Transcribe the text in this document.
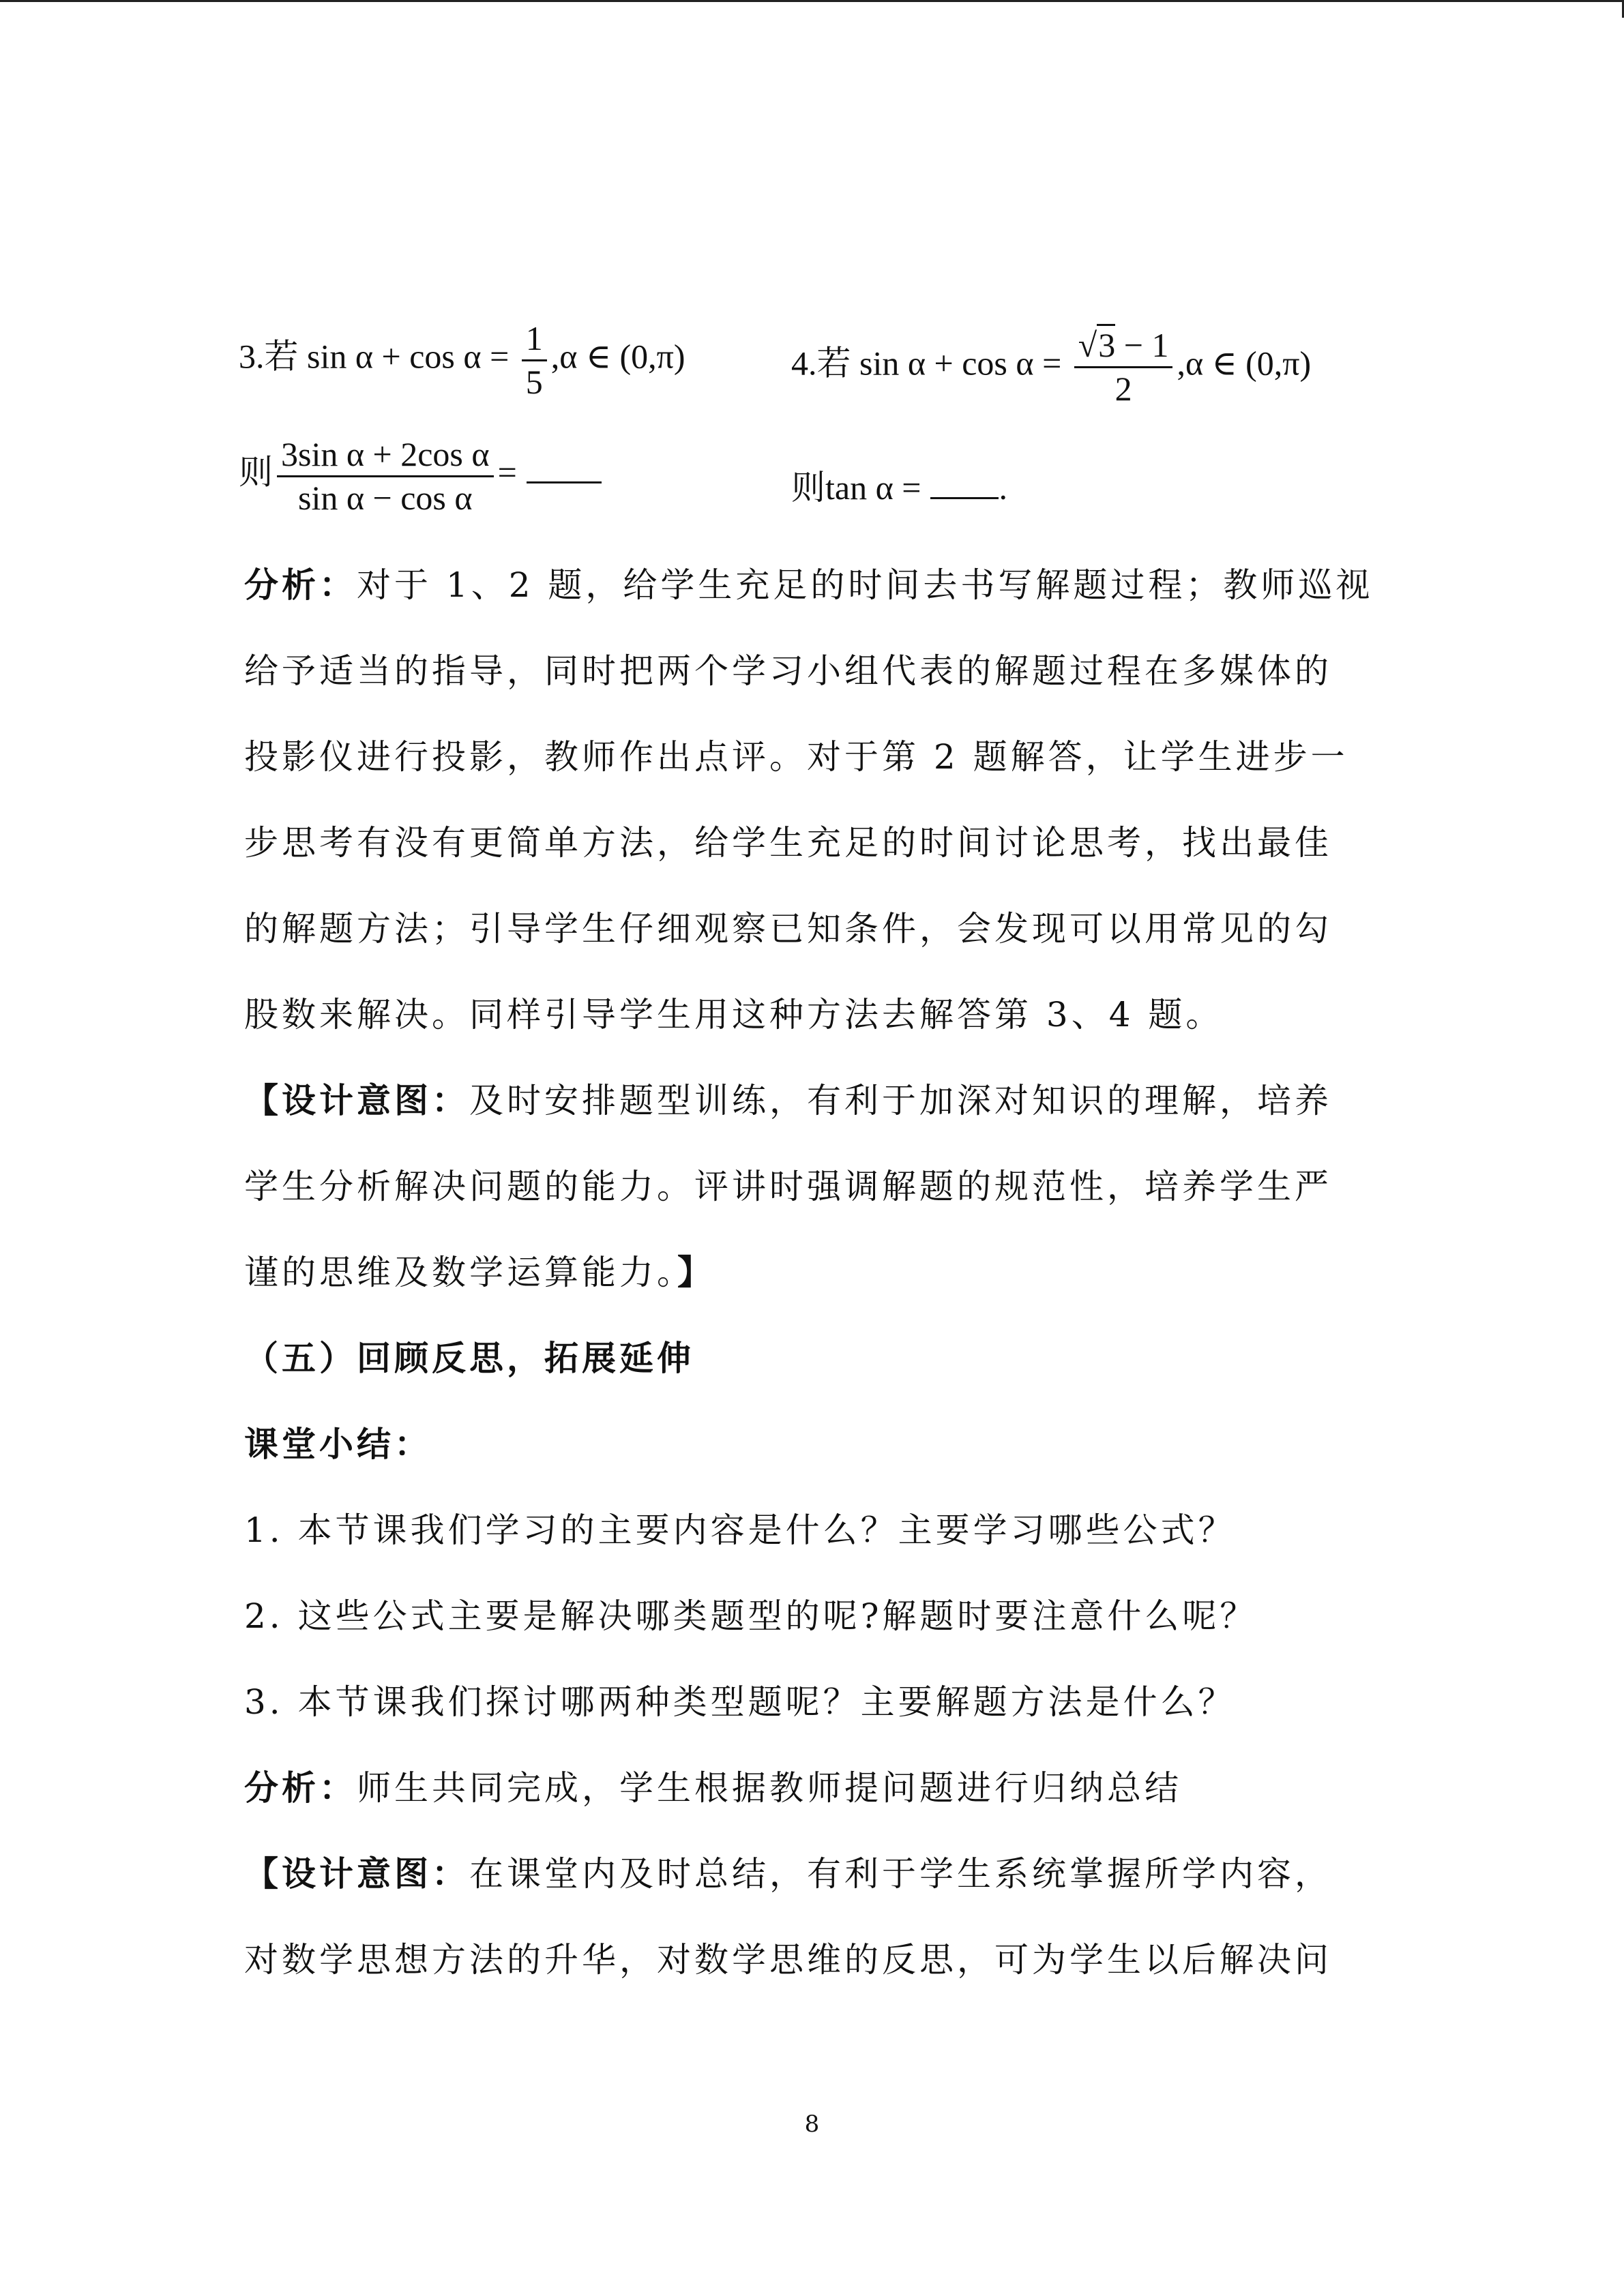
3.若 $\sin \alpha + \cos \alpha = \frac{1}{5} ,\alpha$ ∈ (0,π)
则 $\frac{\text{3sin α + 2cos α}}{\text{sin α − cos α}}$ =
4.若 $\sin \alpha + \cos \alpha = \frac{√3 - 1}{2} ,\alpha$ ∈ (0,π)
则tan α = .
分析：对于 1、2 题，给学生充足的时间去书写解题过程；教师巡视
给予适当的指导，同时把两个学习小组代表的解题过程在多媒体的
投影仪进行投影，教师作出点评。对于第 2 题解答，让学生进步一
步思考有没有更简单方法，给学生充足的时间讨论思考，找出最佳
的解题方法；引导学生仔细观察已知条件，会发现可以用常见的勾
股数来解决。同样引导学生用这种方法去解答第 3、4 题。
【设计意图：及时安排题型训练，有利于加深对知识的理解，培养
学生分析解决问题的能力。评讲时强调解题的规范性，培养学生严
谨的思维及数学运算能力。】
（五）回顾反思，拓展延伸
课堂小结：
1. 本节课我们学习的主要内容是什么？主要学习哪些公式？
2. 这些公式主要是解决哪类题型的呢?解题时要注意什么呢？
3. 本节课我们探讨哪两种类型题呢？主要解题方法是什么？
分析：师生共同完成，学生根据教师提问题进行归纳总结
【设计意图：在课堂内及时总结，有利于学生系统掌握所学内容，
对数学思想方法的升华，对数学思维的反思，可为学生以后解决问
8
